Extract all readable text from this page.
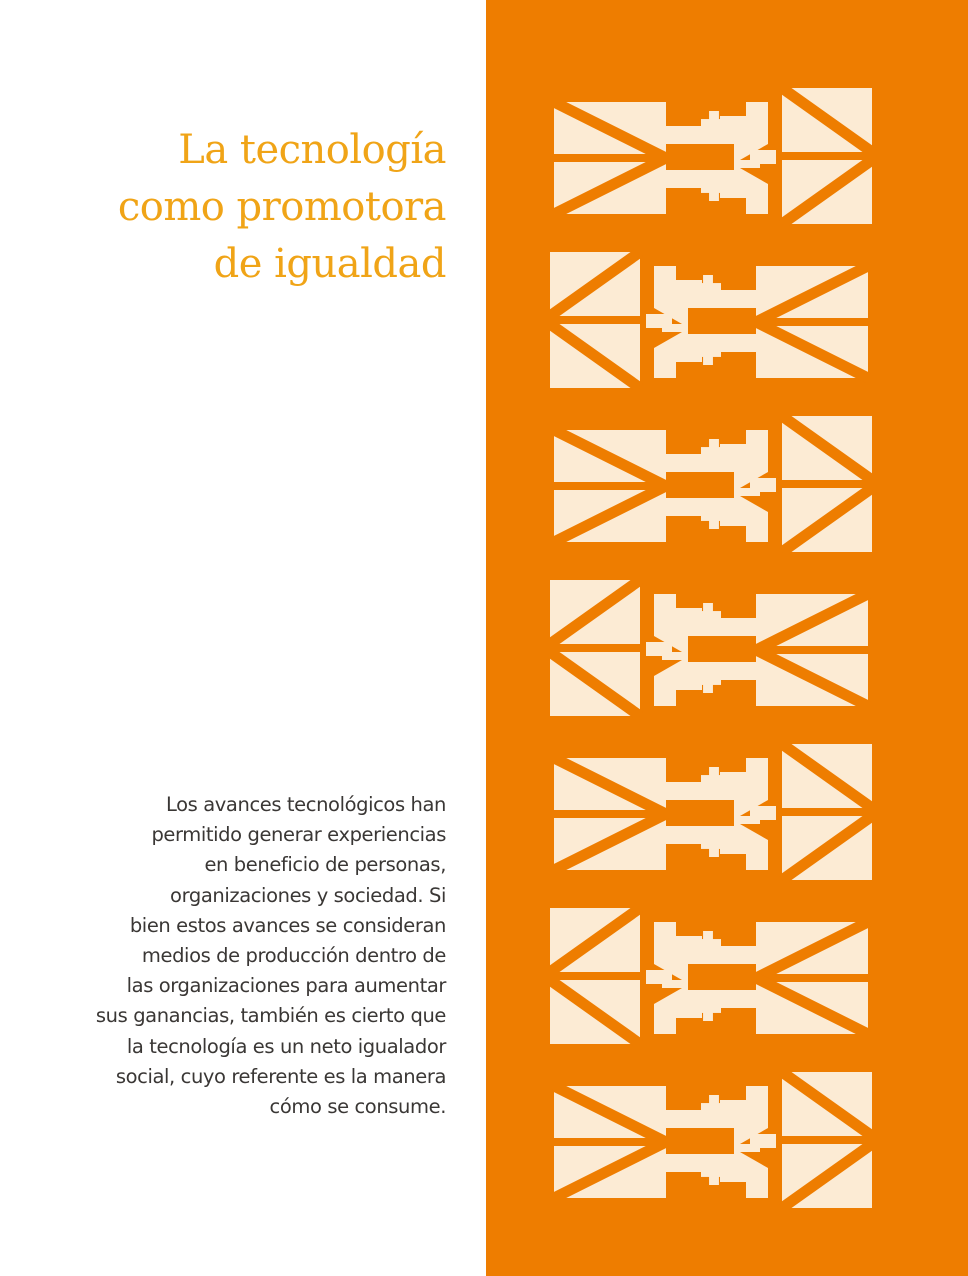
La tecnología
como promotora
de igualdad

Los avances tecnológicos han
permitido generar experiencias
en beneficio de personas,
organizaciones y sociedad. Si
bien estos avances se consideran
medios de producción dentro de
las organizaciones para aumentar
sus ganancias, también es cierto que
la tecnología es un neto igualador
social, cuyo referente es la manera
cómo se consume.
